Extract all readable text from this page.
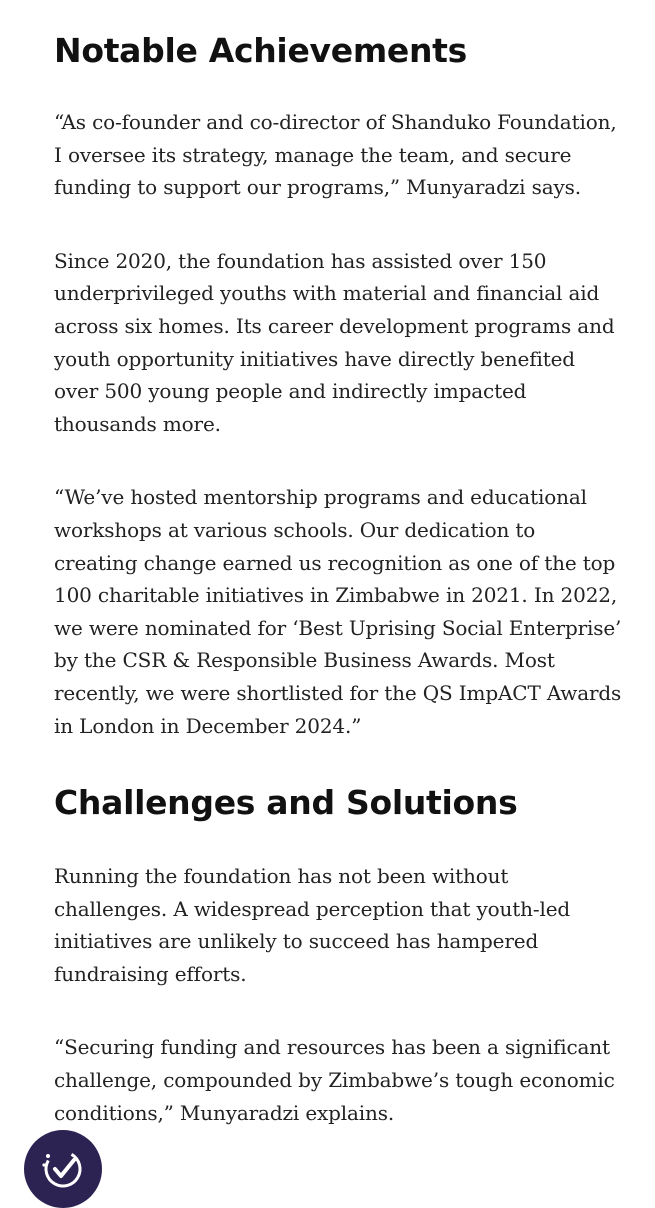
Notable Achievements

“As co-founder and co-director of Shanduko Foundation, I oversee its strategy, manage the team, and secure funding to support our programs,” Munyaradzi says.

Since 2020, the foundation has assisted over 150 underprivileged youths with material and financial aid across six homes. Its career development programs and youth opportunity initiatives have directly benefited over 500 young people and indirectly impacted thousands more.

“We’ve hosted mentorship programs and educational workshops at various schools. Our dedication to creating change earned us recognition as one of the top 100 charitable initiatives in Zimbabwe in 2021. In 2022, we were nominated for ‘Best Uprising Social Enterprise’ by the CSR & Responsible Business Awards. Most recently, we were shortlisted for the QS ImpACT Awards in London in December 2024.”

Challenges and Solutions

Running the foundation has not been without challenges. A widespread perception that youth-led initiatives are unlikely to succeed has hampered fundraising efforts.

“Securing funding and resources has been a significant challenge, compounded by Zimbabwe’s tough economic conditions,” Munyaradzi explains.
